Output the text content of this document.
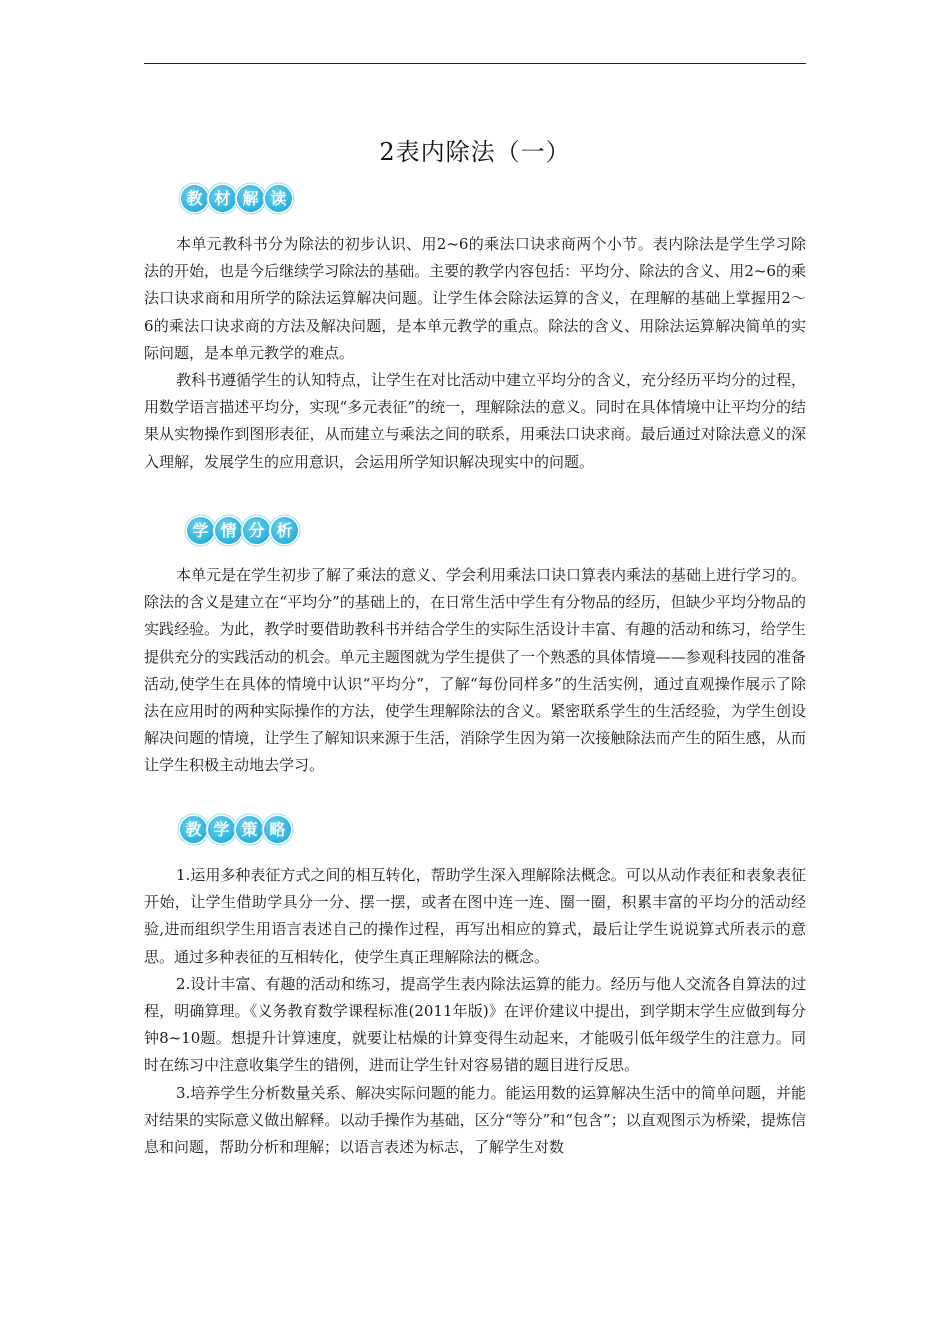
2表内除法（一）
教 材 解 读

本单元教科书分为除法的初步认识、用2~6的乘法口诀求商两个小节。表内除法是学生学习除法的开始，也是今后继续学习除法的基础。主要的教学内容包括：平均分、除法的含义、用2~6的乘法口诀求商和用所学的除法运算解决问题。让学生体会除法运算的含义，在理解的基础上掌握用2～6的乘法口诀求商的方法及解决问题，是本单元教学的重点。除法的含义、用除法运算解决简单的实际问题，是本单元教学的难点。

教科书遵循学生的认知特点，让学生在对比活动中建立平均分的含义，充分经历平均分的过程，用数学语言描述平均分，实现“多元表征”的统一，理解除法的意义。同时在具体情境中让平均分的结果从实物操作到图形表征，从而建立与乘法之间的联系，用乘法口诀求商。最后通过对除法意义的深入理解，发展学生的应用意识，会运用所学知识解决现实中的问题。

学 情 分 析

本单元是在学生初步了解了乘法的意义、学会利用乘法口诀口算表内乘法的基础上进行学习的。除法的含义是建立在“平均分”的基础上的，在日常生活中学生有分物品的经历，但缺少平均分物品的实践经验。为此，教学时要借助教科书并结合学生的实际生活设计丰富、有趣的活动和练习，给学生提供充分的实践活动的机会。单元主题图就为学生提供了一个熟悉的具体情境——参观科技园的准备活动,使学生在具体的情境中认识“平均分”，了解“每份同样多”的生活实例，通过直观操作展示了除法在应用时的两种实际操作的方法，使学生理解除法的含义。紧密联系学生的生活经验，为学生创设解决问题的情境，让学生了解知识来源于生活，消除学生因为第一次接触除法而产生的陌生感，从而让学生积极主动地去学习。

教 学 策 略

1.运用多种表征方式之间的相互转化，帮助学生深入理解除法概念。可以从动作表征和表象表征开始，让学生借助学具分一分、摆一摆，或者在图中连一连、圈一圈，积累丰富的平均分的活动经验,进而组织学生用语言表述自己的操作过程，再写出相应的算式，最后让学生说说算式所表示的意思。通过多种表征的互相转化，使学生真正理解除法的概念。

2.设计丰富、有趣的活动和练习，提高学生表内除法运算的能力。经历与他人交流各自算法的过程，明确算理。《义务教育数学课程标准(2011年版)》在评价建议中提出，到学期末学生应做到每分钟8~10题。想提升计算速度，就要让枯燥的计算变得生动起来，才能吸引低年级学生的注意力。同时在练习中注意收集学生的错例，进而让学生针对容易错的题目进行反思。

3.培养学生分析数量关系、解决实际问题的能力。能运用数的运算解决生活中的简单问题，并能对结果的实际意义做出解释。以动手操作为基础，区分“等分”和“包含”；以直观图示为桥梁，提炼信息和问题，帮助分析和理解；以语言表述为标志，了解学生对数
